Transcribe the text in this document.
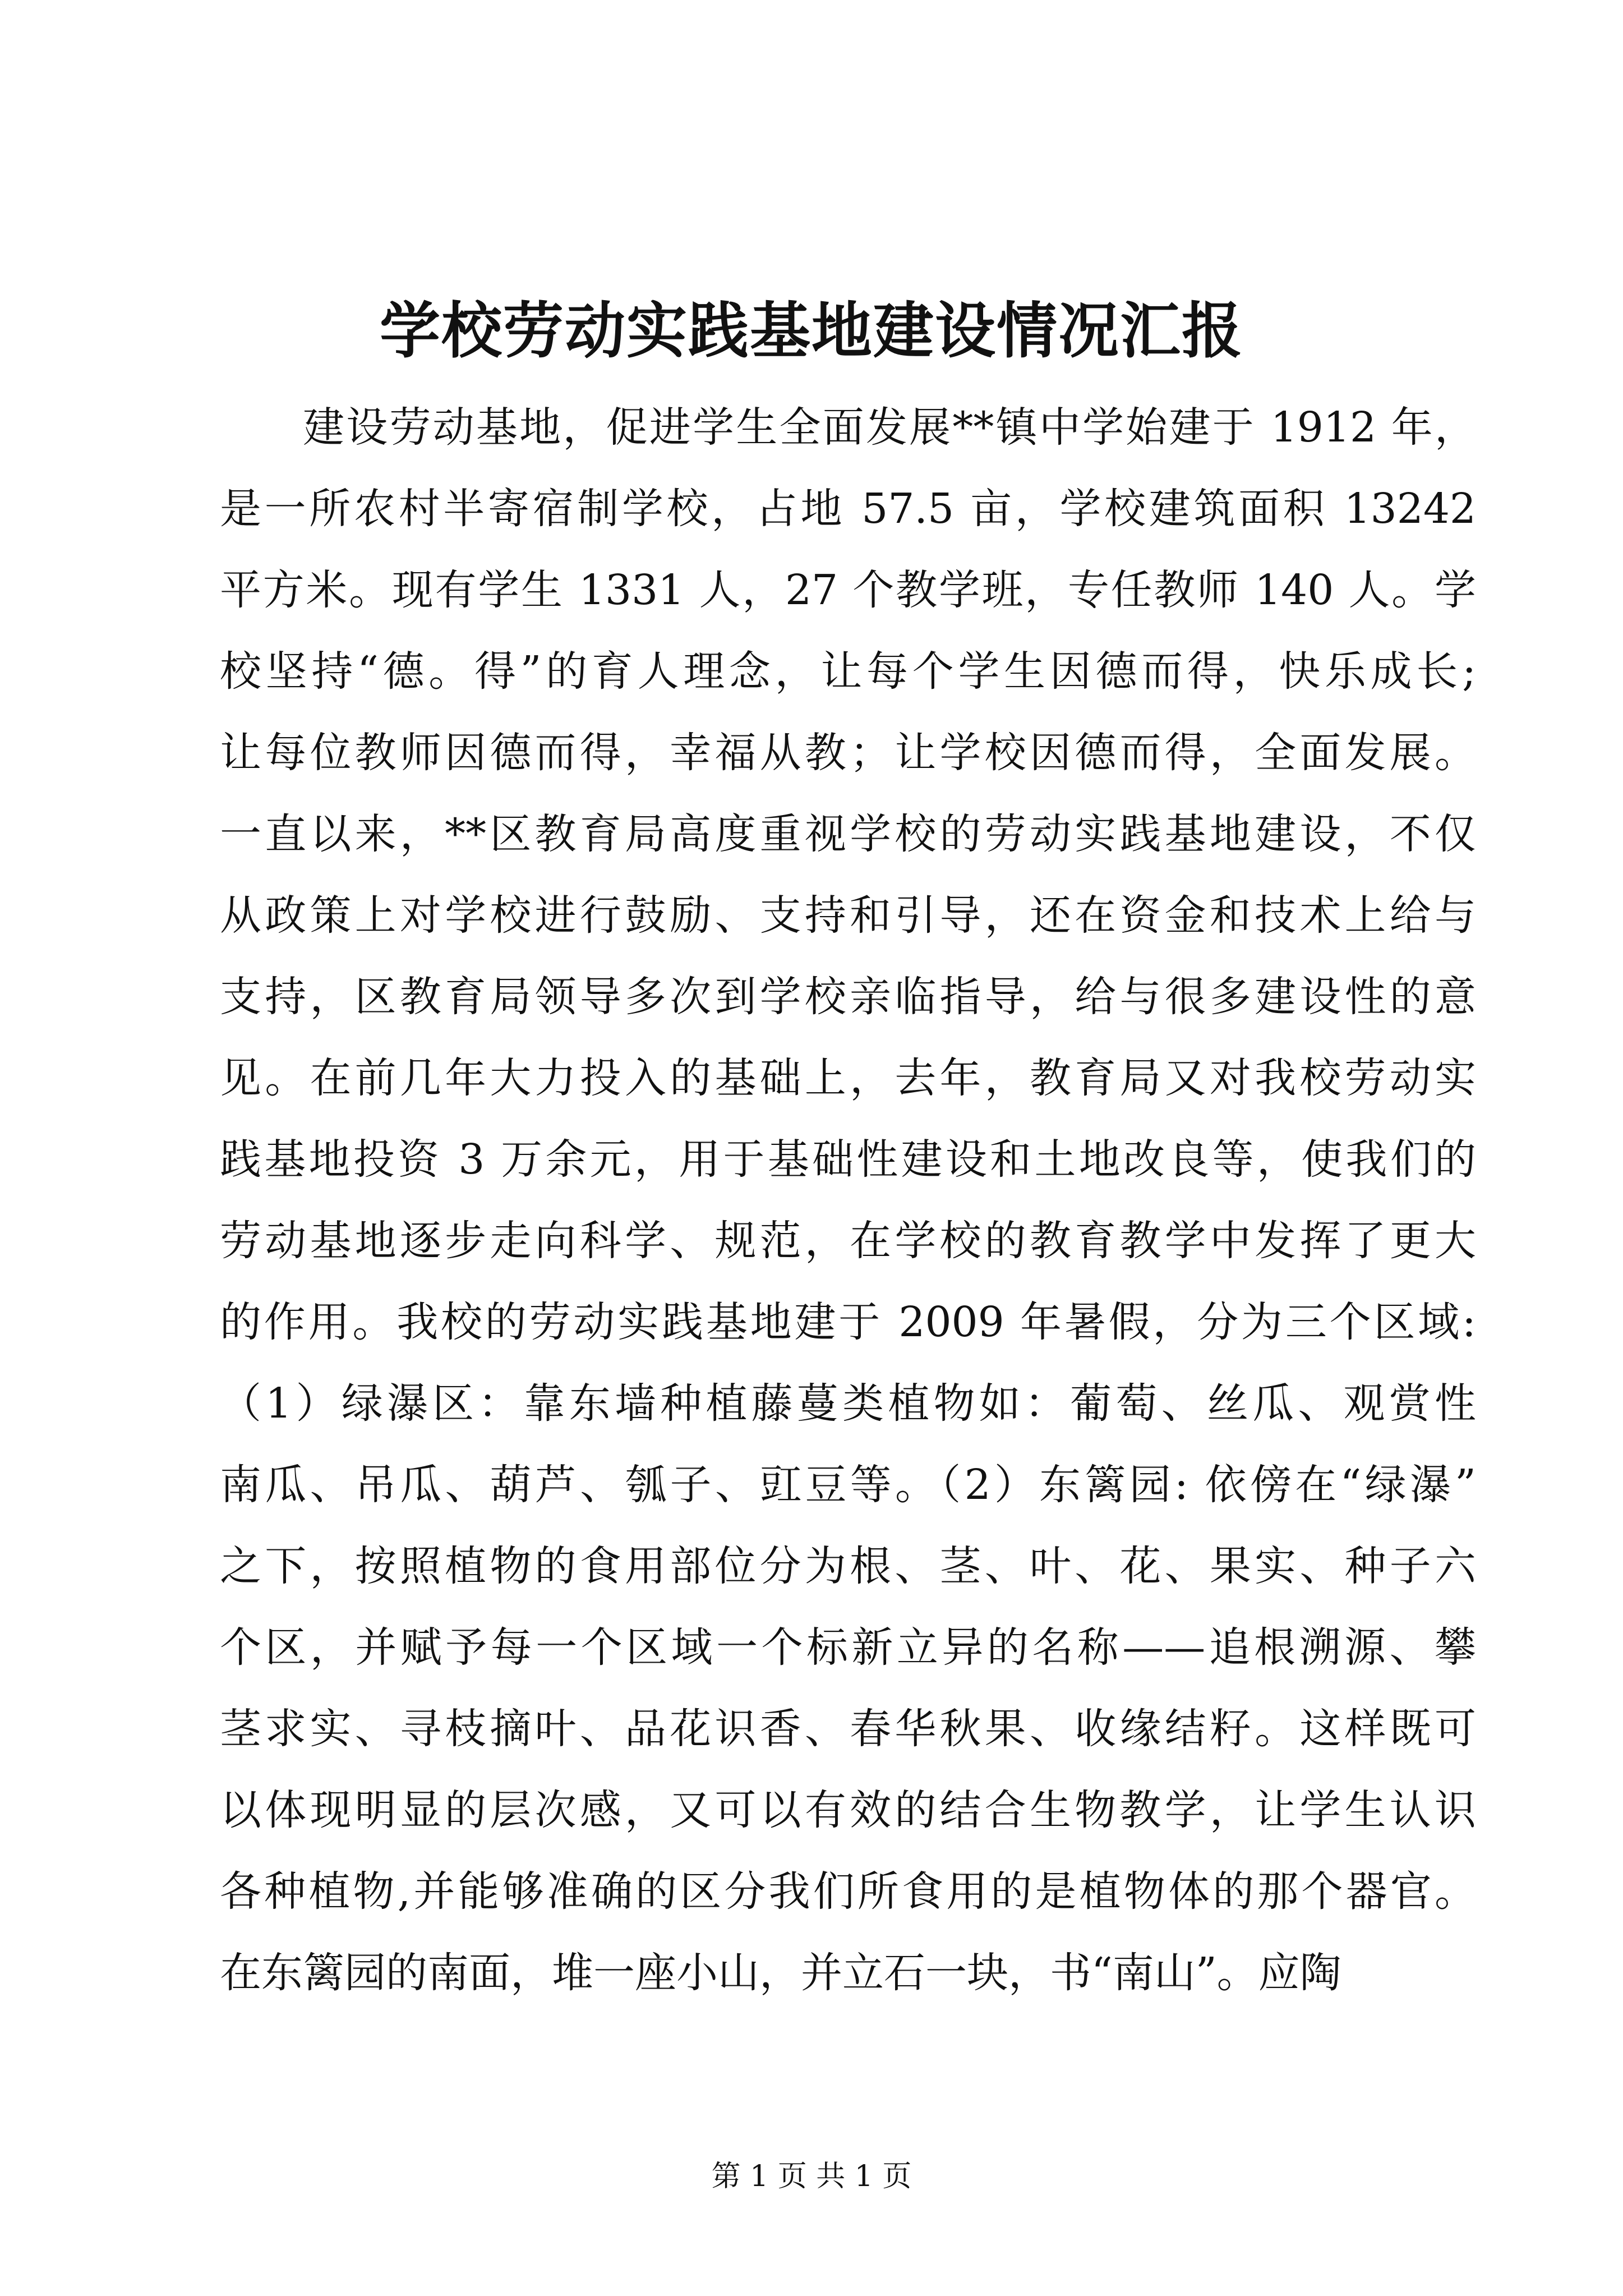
学校劳动实践基地建设情况汇报
建设劳动基地，促进学生全面发展**镇中学始建于 1912 年，
是一所农村半寄宿制学校，占地 57.5 亩，学校建筑面积 13242
平方米。现有学生 1331 人，27 个教学班，专任教师 140 人。学
校坚持“德。得”的育人理念，让每个学生因德而得，快乐成长;
让每位教师因德而得，幸福从教；让学校因德而得，全面发展。
一直以来，**区教育局高度重视学校的劳动实践基地建设，不仅
从政策上对学校进行鼓励、支持和引导，还在资金和技术上给与
支持，区教育局领导多次到学校亲临指导，给与很多建设性的意
见。在前几年大力投入的基础上，去年，教育局又对我校劳动实
践基地投资 3 万余元，用于基础性建设和土地改良等，使我们的
劳动基地逐步走向科学、规范，在学校的教育教学中发挥了更大
的作用。我校的劳动实践基地建于 2009 年暑假，分为三个区域:
（1）绿瀑区：靠东墙种植藤蔓类植物如：葡萄、丝瓜、观赏性
南瓜、吊瓜、葫芦、瓠子、豇豆等。（2）东篱园: 依傍在“绿瀑”
之下，按照植物的食用部位分为根、茎、叶、花、果实、种子六
个区，并赋予每一个区域一个标新立异的名称——追根溯源、攀
茎求实、寻枝摘叶、品花识香、春华秋果、收缘结籽。这样既可
以体现明显的层次感，又可以有效的结合生物教学，让学生认识
各种植物,并能够准确的区分我们所食用的是植物体的那个器官。
在东篱园的南面，堆一座小山，并立石一块，书“南山”。应陶
第 1 页 共 1 页
